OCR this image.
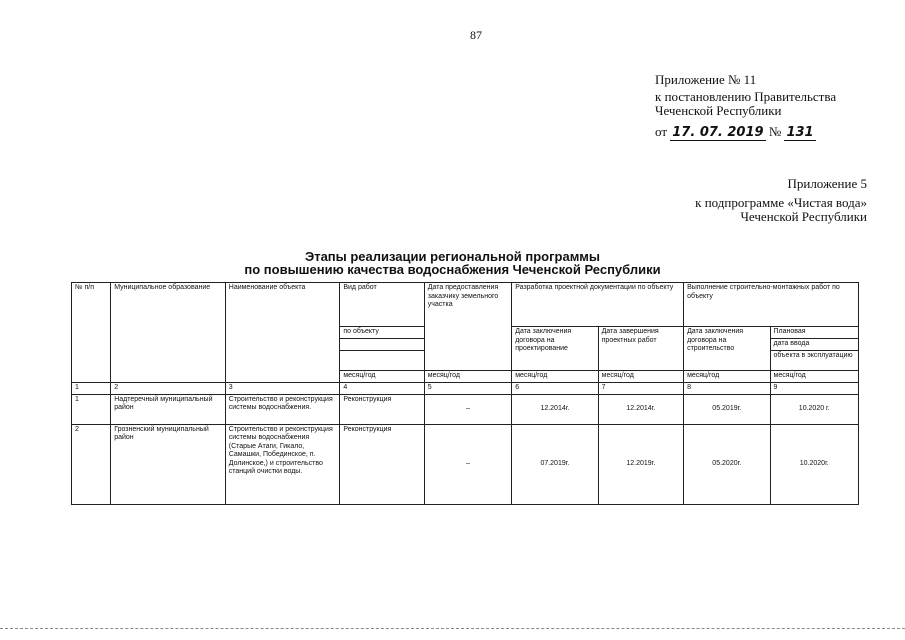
87
Приложение № 11
к постановлению Правительства
Чеченской Республики
от 17. 07. 2019 № 131
Приложение 5
к подпрограмме «Чистая вода»
Чеченской Республики
Этапы реализации региональной программы
по повышению качества водоснабжения Чеченской Республики
№ п/п	Муниципальное образование	Наименование объекта	Вид работ	Дата предоставления заказчику земельного участка	Разработка проектной документации по объекту		Выполнение строительно-монтажных работ по объекту	
			по объекту		Дата заключения договора на проектирование	Дата завершения проектных работ	Дата заключения договора на строительство	Плановая
								дата ввода
								объекта в эксплуатацию
			месяц/год	месяц/год	месяц/год	месяц/год	месяц/год	месяц/год
1	2	3	4	5	6	7	8	9
1	Надтеречный муниципальный район	Строительство и реконструкция системы водоснабжения.	Реконструкция	–	12.2014г.	12.2014г.	05.2019г.	10.2020 г.
2	Грозненский муниципальный район	Строительство и реконструкция системы водоснабжения (Старые Атаги, Гикало, Самашки, Побединское, п. Долинское,) и строительство станций очистки воды.	Реконструкция	–	07.2019г.	12.2019г.	05.2020г.	10.2020г.
